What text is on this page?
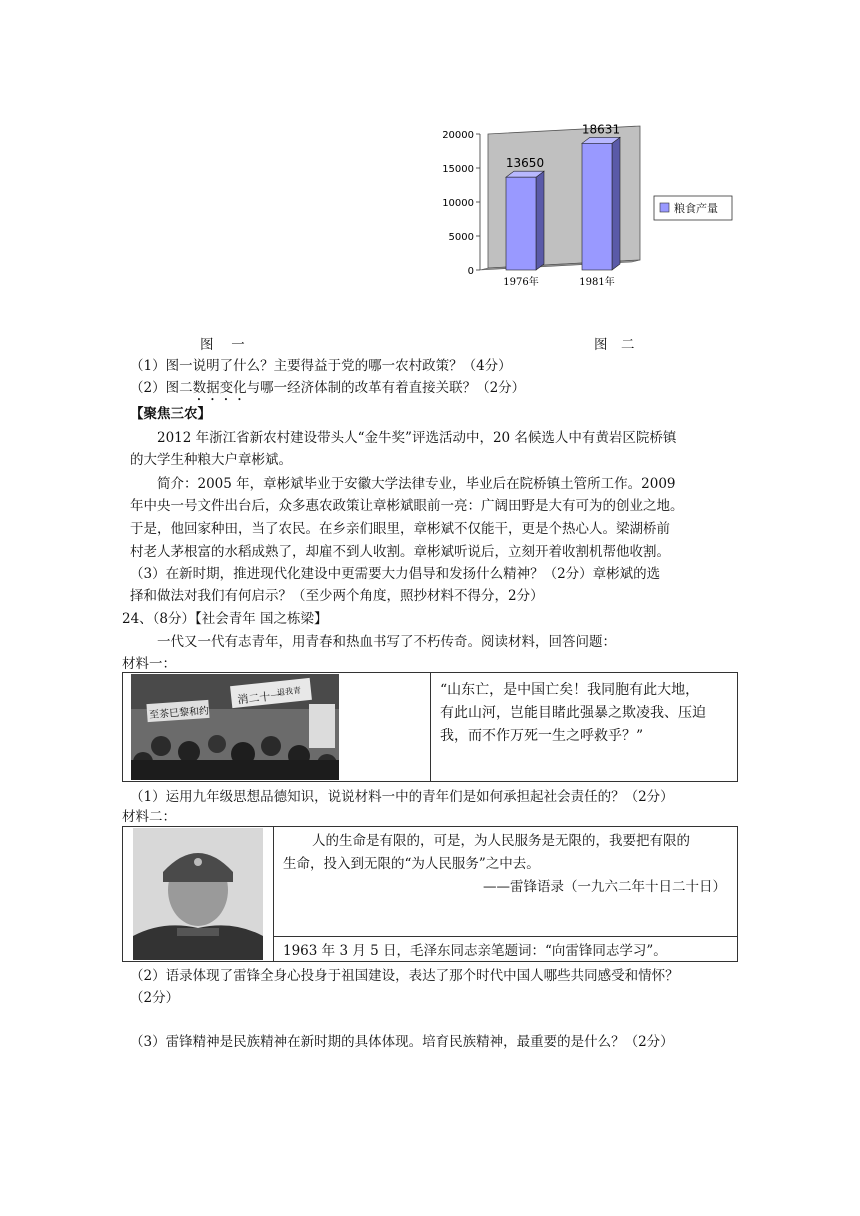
0
5000
10000
15000
20000
13650
1976年
18631
1981年
粮食产量
图　 一	图　二
（1）图一说明了什么？主要得益于党的哪一农村政策？（4分）
（2）图二数据变化与哪一经济体制的改革有着直接关联？（2分）
【聚焦三农】
2012 年浙江省新农村建设带头人“金牛奖”评选活动中，20 名候选人中有黄岩区院桥镇
的大学生种粮大户章彬斌。
简介：2005 年，章彬斌毕业于安徽大学法律专业，毕业后在院桥镇土管所工作。2009
年中央一号文件出台后，众多惠农政策让章彬斌眼前一亮：广阔田野是大有可为的创业之地。
于是，他回家种田，当了农民。在乡亲们眼里，章彬斌不仅能干，更是个热心人。梁湖桥前
村老人茅根富的水稻成熟了，却雇不到人收割。章彬斌听说后，立刻开着收割机帮他收割。
（3）在新时期，推进现代化建设中更需要大力倡导和发扬什么精神？（2分）章彬斌的选
择和做法对我们有何启示？（至少两个角度，照抄材料不得分，2分）
24、（8分）【社会青年 国之栋梁】
一代又一代有志青年，用青春和热血书写了不朽传奇。阅读材料，回答问题：
材料一：
消二十一
退我青
至茶巳黎和约
“山东亡，是中国亡矣！我同胞有此大地，
有此山河，岂能目睹此强暴之欺凌我、压迫
我，而不作万死一生之呼救乎？”
（1）运用九年级思想品德知识，说说材料一中的青年们是如何承担起社会责任的？（2分）
材料二：
人的生命是有限的，可是，为人民服务是无限的，我要把有限的
生命，投入到无限的“为人民服务”之中去。
——雷锋语录（一九六二年十日二十日）
1963 年 3 月 5 日，毛泽东同志亲笔题词：“向雷锋同志学习”。
（2）语录体现了雷锋全身心投身于祖国建设，表达了那个时代中国人哪些共同感受和情怀？
（2分）
（3）雷锋精神是民族精神在新时期的具体体现。培育民族精神，最重要的是什么？（2分）
